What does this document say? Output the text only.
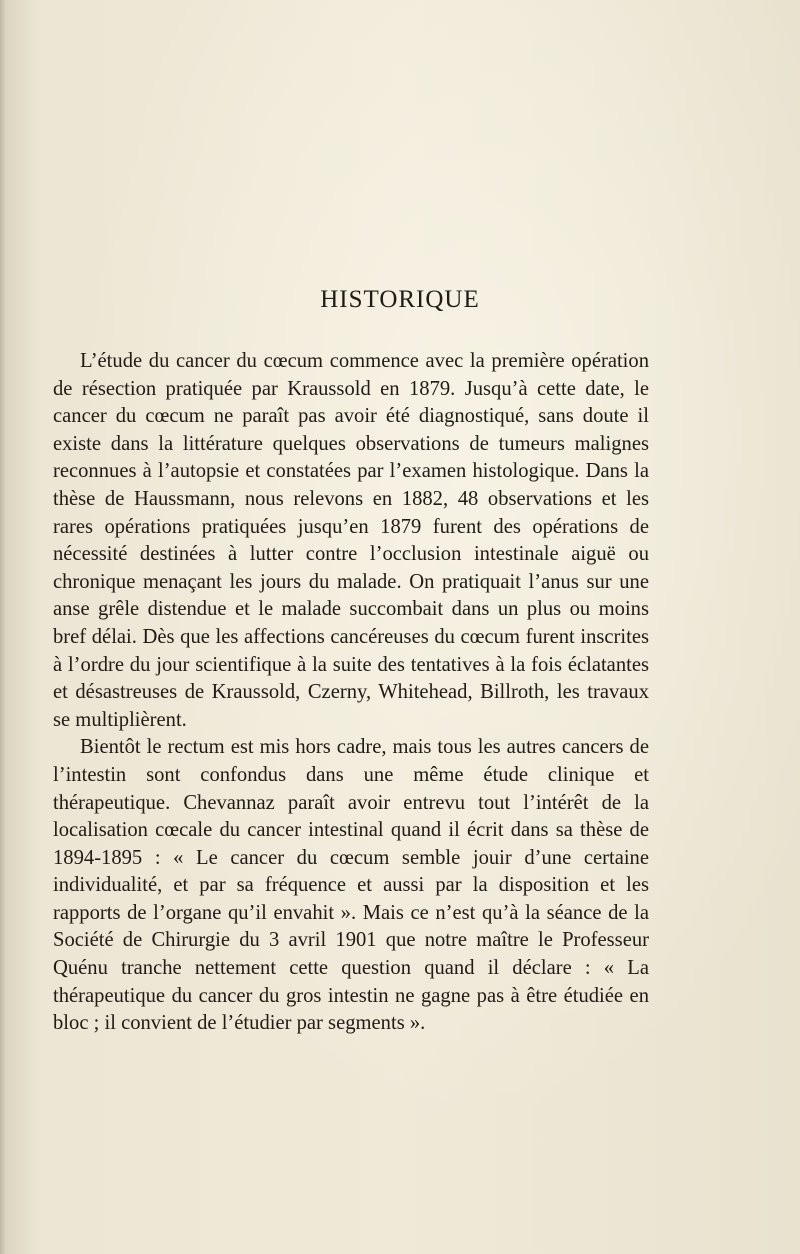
HISTORIQUE

L’étude du cancer du cœcum commence avec la première opération de résection pratiquée par Kraussold en 1879. Jusqu’à cette date, le cancer du cœcum ne paraît pas avoir été diagnostiqué, sans doute il existe dans la littérature quelques observations de tumeurs malignes reconnues à l’autopsie et constatées par l’examen histologique. Dans la thèse de Haussmann, nous relevons en 1882, 48 observations et les rares opérations pratiquées jusqu’en 1879 furent des opérations de nécessité destinées à lutter contre l’occlusion intestinale aiguë ou chronique menaçant les jours du malade. On pratiquait l’anus sur une anse grêle distendue et le malade succombait dans un plus ou moins bref délai. Dès que les affections cancéreuses du cœcum furent inscrites à l’ordre du jour scientifique à la suite des tentatives à la fois éclatantes et désastreuses de Kraussold, Czerny, Whitehead, Billroth, les travaux se multiplièrent.

Bientôt le rectum est mis hors cadre, mais tous les autres cancers de l’intestin sont confondus dans une même étude clinique et thérapeutique. Chevannaz paraît avoir entrevu tout l’intérêt de la localisation cœcale du cancer intestinal quand il écrit dans sa thèse de 1894-1895 : « Le cancer du cœcum semble jouir d’une certaine individualité, et par sa fréquence et aussi par la disposition et les rapports de l’organe qu’il envahit ». Mais ce n’est qu’à la séance de la Société de Chirurgie du 3 avril 1901 que notre maître le Professeur Quénu tranche nettement cette question quand il déclare : « La thérapeutique du cancer du gros intestin ne gagne pas à être étudiée en bloc ; il convient de l’étudier par segments ».
